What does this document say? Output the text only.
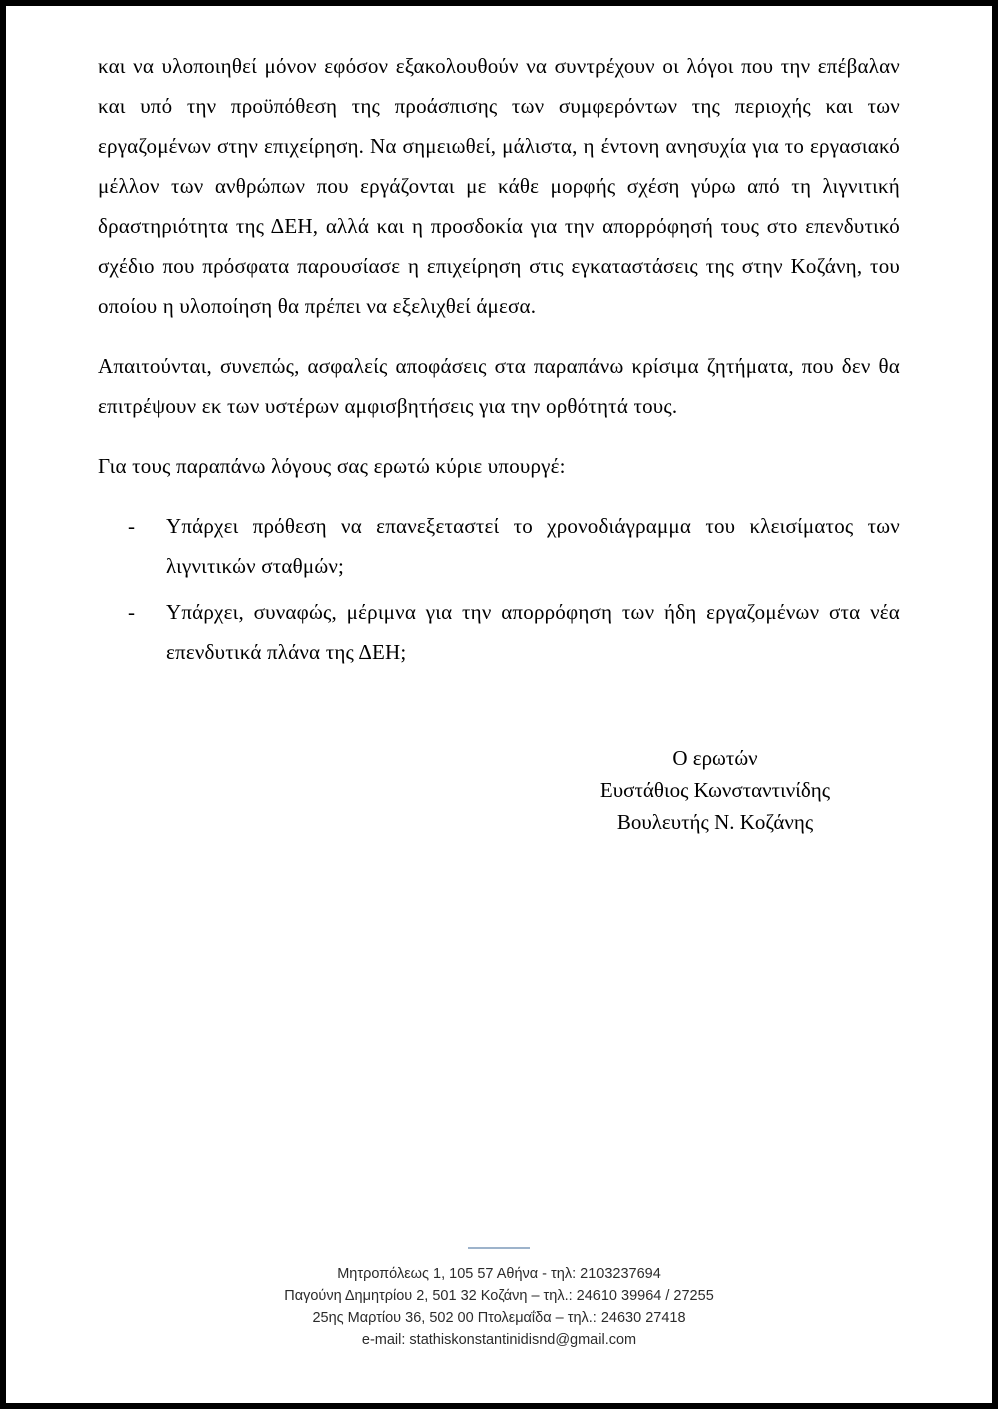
και να υλοποιηθεί μόνον εφόσον εξακολουθούν να συντρέχουν οι λόγοι που την επέβαλαν και υπό την προϋπόθεση της προάσπισης των συμφερόντων της περιοχής και των εργαζομένων στην επιχείρηση. Να σημειωθεί, μάλιστα, η έντονη ανησυχία για το εργασιακό μέλλον των ανθρώπων που εργάζονται με κάθε μορφής σχέση γύρω από τη λιγνιτική δραστηριότητα της ΔΕΗ, αλλά και η προσδοκία για την απορρόφησή τους στο επενδυτικό σχέδιο που πρόσφατα παρουσίασε η επιχείρηση στις εγκαταστάσεις της στην Κοζάνη, του οποίου η υλοποίηση θα πρέπει να εξελιχθεί άμεσα.

Απαιτούνται, συνεπώς, ασφαλείς αποφάσεις στα παραπάνω κρίσιμα ζητήματα, που δεν θα επιτρέψουν εκ των υστέρων αμφισβητήσεις για την ορθότητά τους.

Για τους παραπάνω λόγους σας ερωτώ κύριε υπουργέ:

-	Υπάρχει πρόθεση να επανεξεταστεί το χρονοδιάγραμμα του κλεισίματος των λιγνιτικών σταθμών;
-	Υπάρχει, συναφώς, μέριμνα για την απορρόφηση των ήδη εργαζομένων στα νέα επενδυτικά πλάνα της ΔΕΗ;
Ο ερωτών
Ευστάθιος Κωνσταντινίδης
Βουλευτής Ν. Κοζάνης
Μητροπόλεως 1, 105 57 Αθήνα - τηλ: 2103237694
Παγούνη Δημητρίου 2, 501 32 Κοζάνη – τηλ.: 24610 39964 / 27255
25ης Μαρτίου 36, 502 00 Πτολεμαΐδα – τηλ.: 24630 27418
e-mail: stathiskonstantinidisnd@gmail.com
